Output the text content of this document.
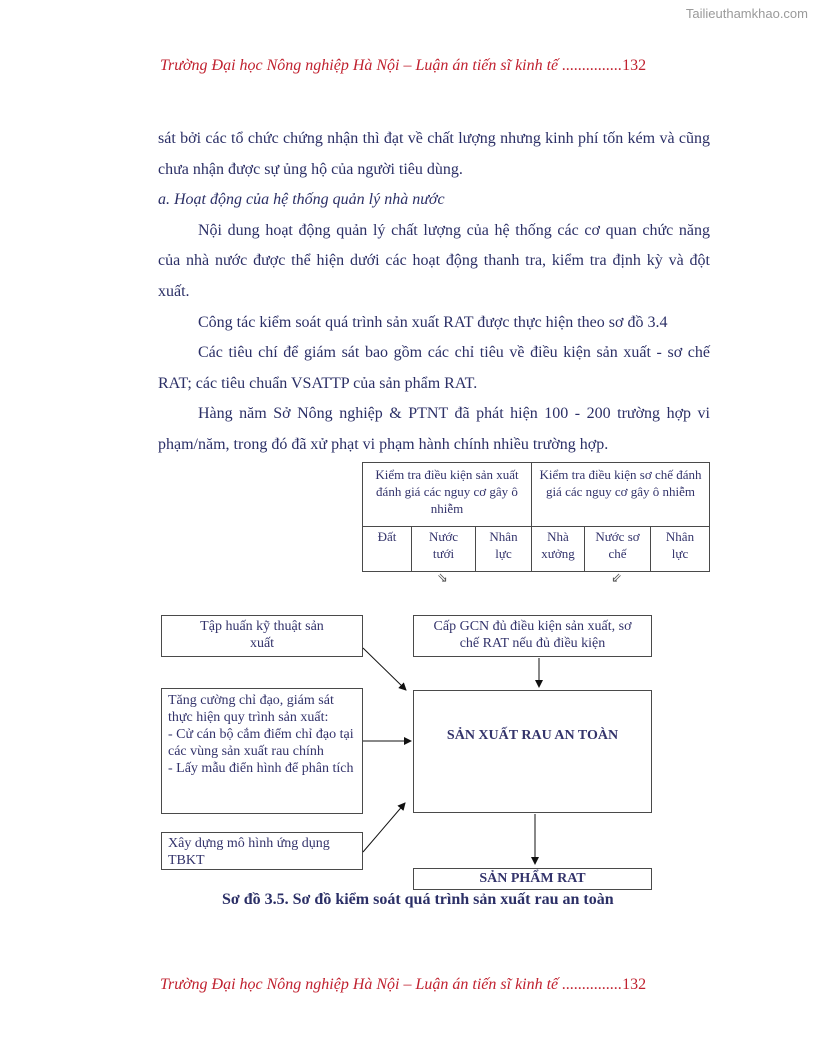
Tailieuthamkhao.com
Trường Đại học Nông nghiệp Hà Nội – Luận án tiến sĩ kinh tế ...............132

sát bởi các tổ chức chứng nhận thì đạt về chất lượng nhưng kinh phí tốn kém và cũng chưa nhận được sự ủng hộ của người tiêu dùng.

a. Hoạt động của hệ thống quản lý nhà nước

Nội dung hoạt động quản lý chất lượng của hệ thống các cơ quan chức năng của nhà nước được thể hiện dưới các hoạt động thanh tra, kiểm tra định kỳ và đột xuất.

Công tác kiểm soát quá trình sản xuất RAT được thực hiện theo sơ đồ 3.4

Các tiêu chí để giám sát bao gồm các chỉ tiêu về điều kiện sản xuất - sơ chế RAT; các tiêu chuẩn VSATTP của sản phẩm RAT.

Hàng năm Sở Nông nghiệp & PTNT đã phát hiện 100 - 200 trường hợp vi phạm/năm, trong đó đã xử phạt vi phạm hành chính nhiều trường hợp.

Kiểm tra điều kiện sản xuất đánh giá các nguy cơ gây ô nhiễm
Kiểm tra điều kiện sơ chế đánh giá các nguy cơ gây ô nhiễm
Đất	Nước tưới
Nhân lực
Nhà xưởng
Nước sơ chế
Nhân lực
⇘	⇙
Tập huấn kỹ thuật sản xuất
Cấp GCN đủ điều kiện sản xuất, sơ chế RAT nếu đủ điều kiện
Tăng cường chỉ đạo, giám sát thực hiện quy trình sản xuất:
- Cử cán bộ cắm điểm chỉ đạo tại các vùng sản xuất rau chính
- Lấy mẫu điển hình để phân tích
Xây dựng mô hình ứng dụng TBKT
SẢN XUẤT RAU AN TOÀN
SẢN PHẨM RAT
Sơ đồ 3.5. Sơ đồ kiểm soát quá trình sản xuất rau an toàn
Trường Đại học Nông nghiệp Hà Nội – Luận án tiến sĩ kinh tế ...............132
